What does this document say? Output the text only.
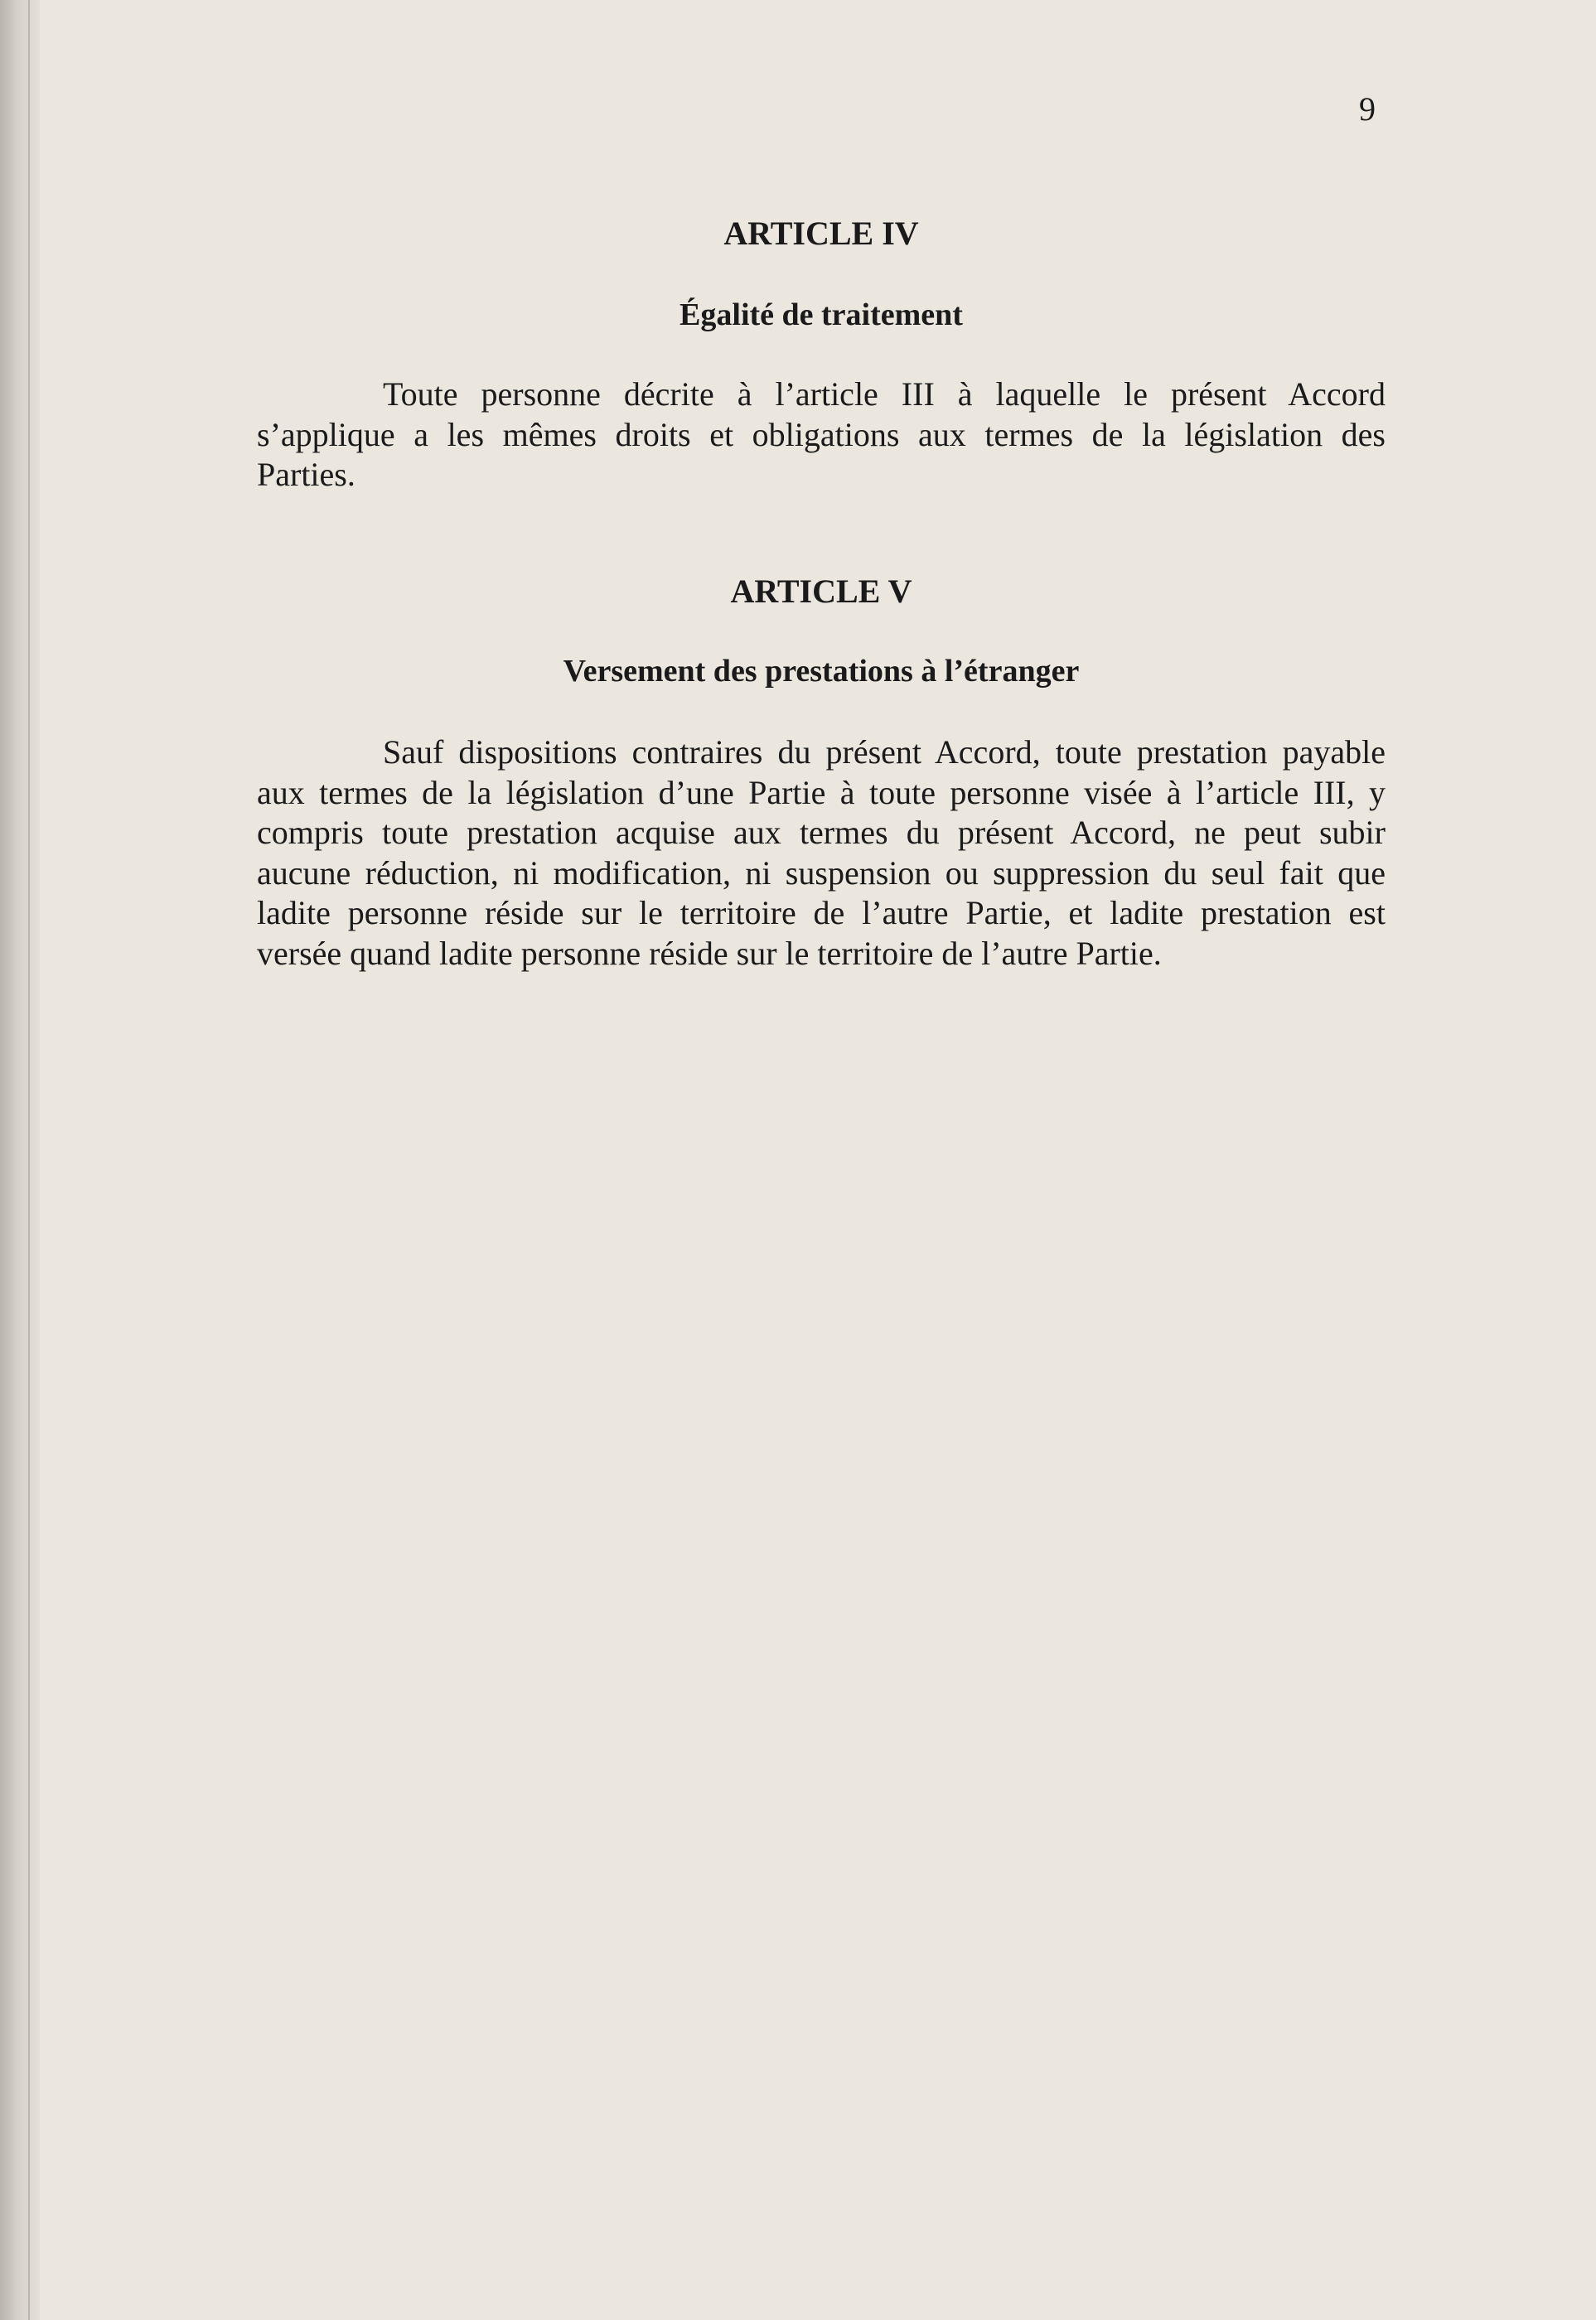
9
ARTICLE IV
Égalité de traitement
Toute personne décrite à l’article III à laquelle le présent Accord
s’applique a les mêmes droits et obligations aux termes de la législation des
Parties.
ARTICLE V
Versement des prestations à l’étranger
Sauf dispositions contraires du présent Accord, toute prestation payable
aux termes de la législation d’une Partie à toute personne visée à l’article III, y
compris toute prestation acquise aux termes du présent Accord, ne peut subir
aucune réduction, ni modification, ni suspension ou suppression du seul fait que
ladite personne réside sur le territoire de l’autre Partie, et ladite prestation est
versée quand ladite personne réside sur le territoire de l’autre Partie.
